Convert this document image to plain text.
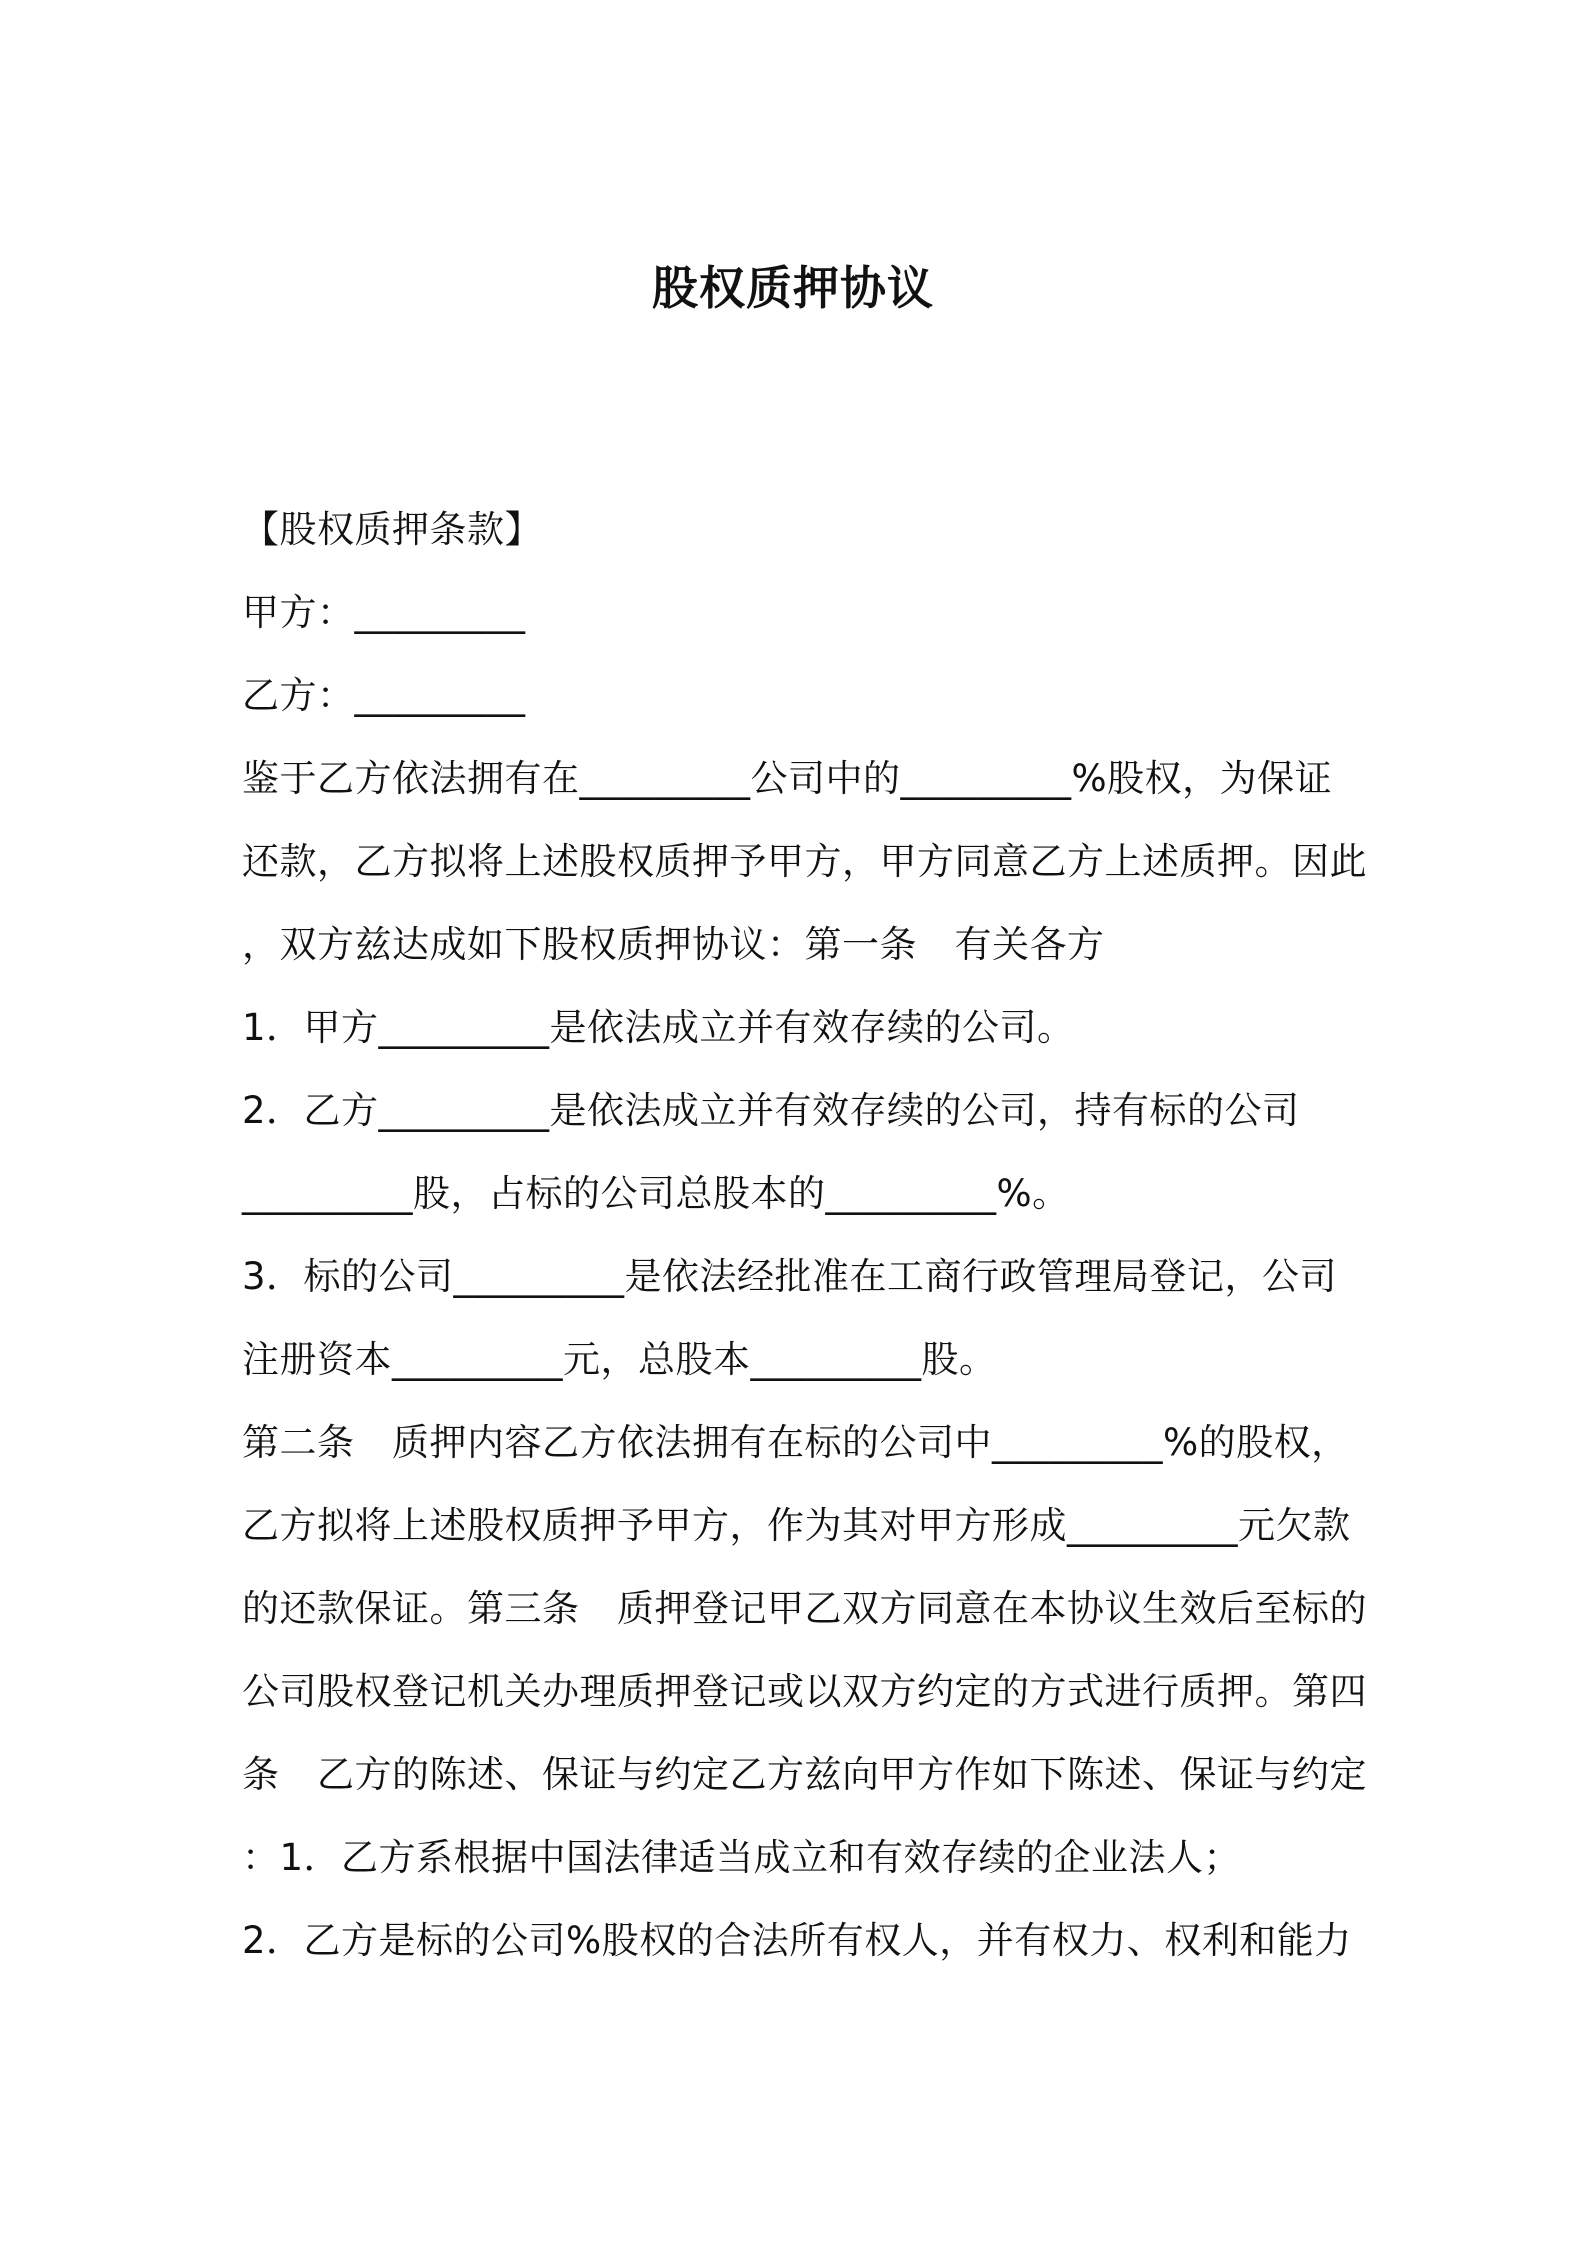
股权质押协议
【股权质押条款】
甲方：_________
乙方：_________
鉴于乙方依法拥有在_________公司中的_________%股权，为保证
还款，乙方拟将上述股权质押予甲方，甲方同意乙方上述质押。因此
，双方兹达成如下股权质押协议：第一条　有关各方
1．甲方_________是依法成立并有效存续的公司。
2．乙方_________是依法成立并有效存续的公司，持有标的公司
_________股，占标的公司总股本的_________%。
3．标的公司_________是依法经批准在工商行政管理局登记，公司
注册资本_________元，总股本_________股。
第二条　质押内容乙方依法拥有在标的公司中_________%的股权，
乙方拟将上述股权质押予甲方，作为其对甲方形成_________元欠款
的还款保证。第三条　质押登记甲乙双方同意在本协议生效后至标的
公司股权登记机关办理质押登记或以双方约定的方式进行质押。第四
条　乙方的陈述、保证与约定乙方兹向甲方作如下陈述、保证与约定
：1．乙方系根据中国法律适当成立和有效存续的企业法人；
2．乙方是标的公司%股权的合法所有权人，并有权力、权利和能力
